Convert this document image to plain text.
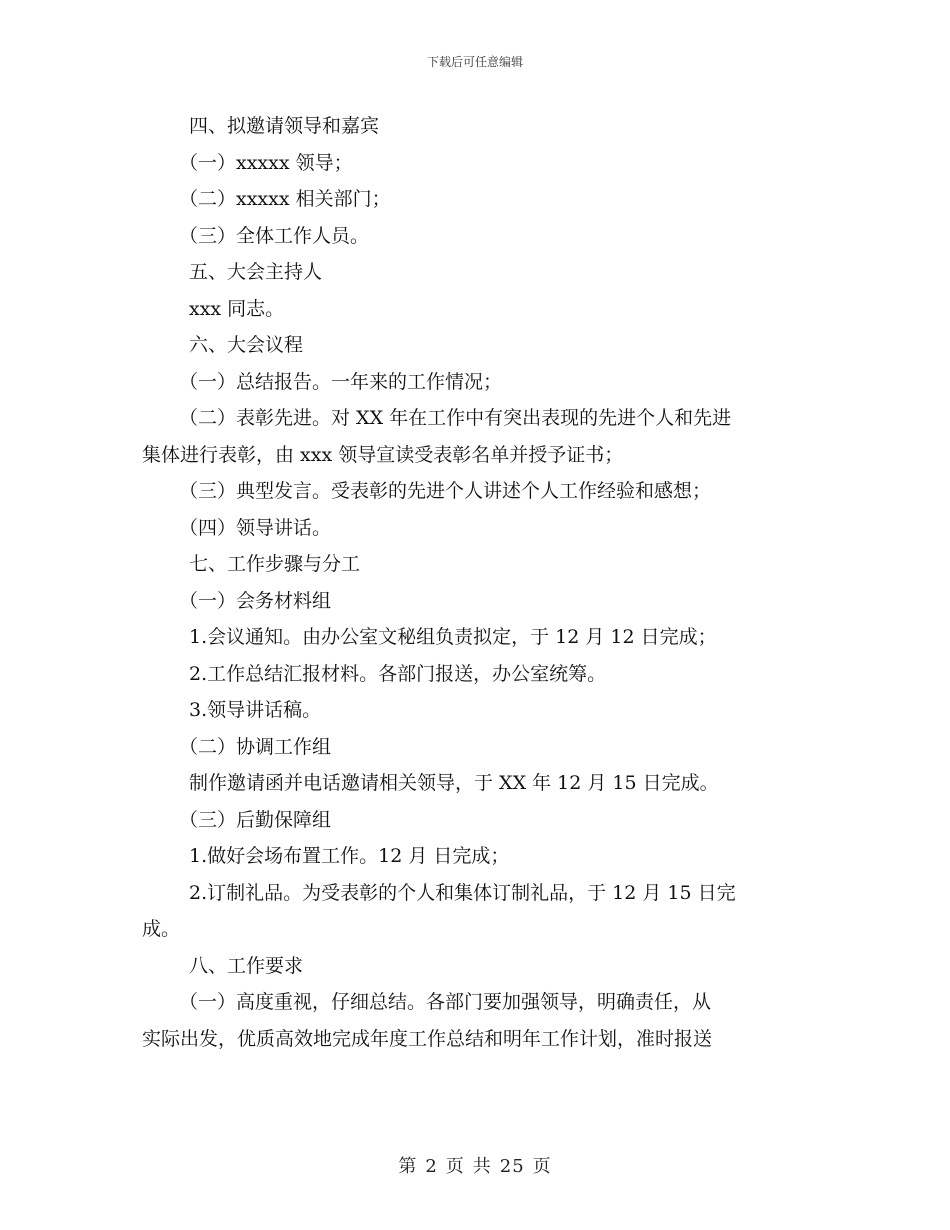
下载后可任意编辑
四、拟邀请领导和嘉宾
（一）xxxxx 领导；
（二）xxxxx 相关部门；
（三）全体工作人员。
五、大会主持人
xxx 同志。
六、大会议程
（一）总结报告。一年来的工作情况；
（二）表彰先进。对 XX 年在工作中有突出表现的先进个人和先进
集体进行表彰，由 xxx 领导宣读受表彰名单并授予证书；
（三）典型发言。受表彰的先进个人讲述个人工作经验和感想；
（四）领导讲话。
七、工作步骤与分工
（一）会务材料组
1.会议通知。由办公室文秘组负责拟定，于 12 月 12 日完成；
2.工作总结汇报材料。各部门报送，办公室统筹。
3.领导讲话稿。
（二）协调工作组
制作邀请函并电话邀请相关领导，于 XX 年 12 月 15 日完成。
（三）后勤保障组
1.做好会场布置工作。12 月 日完成；
2.订制礼品。为受表彰的个人和集体订制礼品，于 12 月 15 日完
成。
八、工作要求
（一）高度重视，仔细总结。各部门要加强领导，明确责任，从
实际出发，优质高效地完成年度工作总结和明年工作计划，准时报送
第 2 页 共 25 页
